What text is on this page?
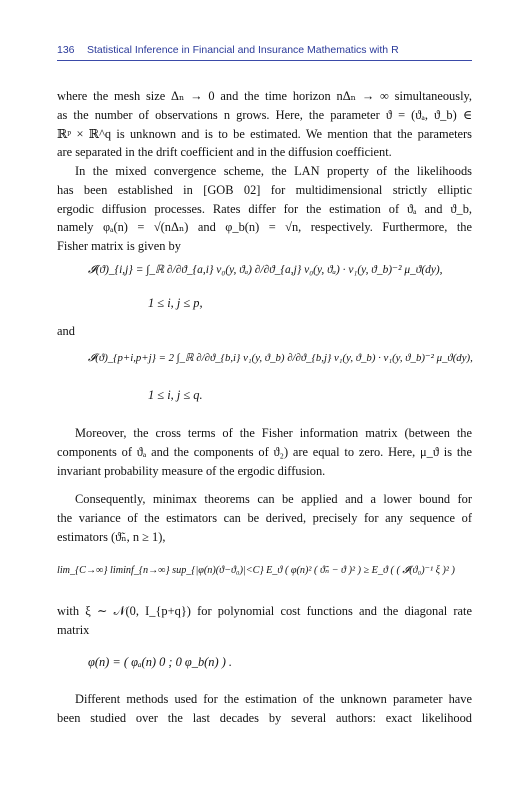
136 Statistical Inference in Financial and Insurance Mathematics with R
where the mesh size Δₙ → 0 and the time horizon nΔₙ → ∞ simultaneously,
as the number of observations n grows. Here, the parameter ϑ = (ϑₐ, ϑ_b) ∈
ℝᵖ × ℝ^q is unknown and is to be estimated. We mention that the parameters
are separated in the drift coefficient and in the diffusion coefficient.
In the mixed convergence scheme, the LAN property of the likelihoods
has been established in [GOB 02] for multidimensional strictly elliptic
ergodic diffusion processes. Rates differ for the estimation of ϑₐ and ϑ_b,
namely φₐ(n) = √(nΔₙ) and φ_b(n) = √n, respectively. Furthermore, the
Fisher matrix is given by
𝓘(ϑ)_{i,j} = ∫_ℝ ∂/∂ϑ_{a,i} v₀(y, ϑₐ) ∂/∂ϑ_{a,j} v₀(y, ϑₐ) · v₁(y, ϑ_b)⁻² μ_ϑ(dy),
1 ≤ i, j ≤ p,
and
𝓘(ϑ)_{p+i,p+j} = 2 ∫_ℝ ∂/∂ϑ_{b,i} v₁(y, ϑ_b) ∂/∂ϑ_{b,j} v₁(y, ϑ_b) · v₁(y, ϑ_b)⁻² μ_ϑ(dy),
1 ≤ i, j ≤ q.
Moreover, the cross terms of the Fisher information matrix (between the
components of ϑₐ and the components of ϑ₂) are equal to zero. Here, μ_ϑ is the
invariant probability measure of the ergodic diffusion.
Consequently, minimax theorems can be applied and a lower bound for
the variance of the estimators can be derived, precisely for any sequence of
estimators (ϑ̃ₙ, n ≥ 1),
lim_{C→∞} liminf_{n→∞} sup_{|φ(n)(ϑ−ϑ₀)|<C} E_ϑ ( φ(n)² ( ϑ̃ₙ − ϑ )² ) ≥ E_ϑ ( ( 𝓘(ϑ₀)⁻¹ ξ )² )
with ξ ∼ 𝒩(0, I_{p+q}) for polynomial cost functions and the diagonal rate
matrix
φ(n) = ( φₐ(n) 0 ; 0 φ_b(n) ) .
Different methods used for the estimation of the unknown parameter have
been studied over the last decades by several authors: exact likelihood
